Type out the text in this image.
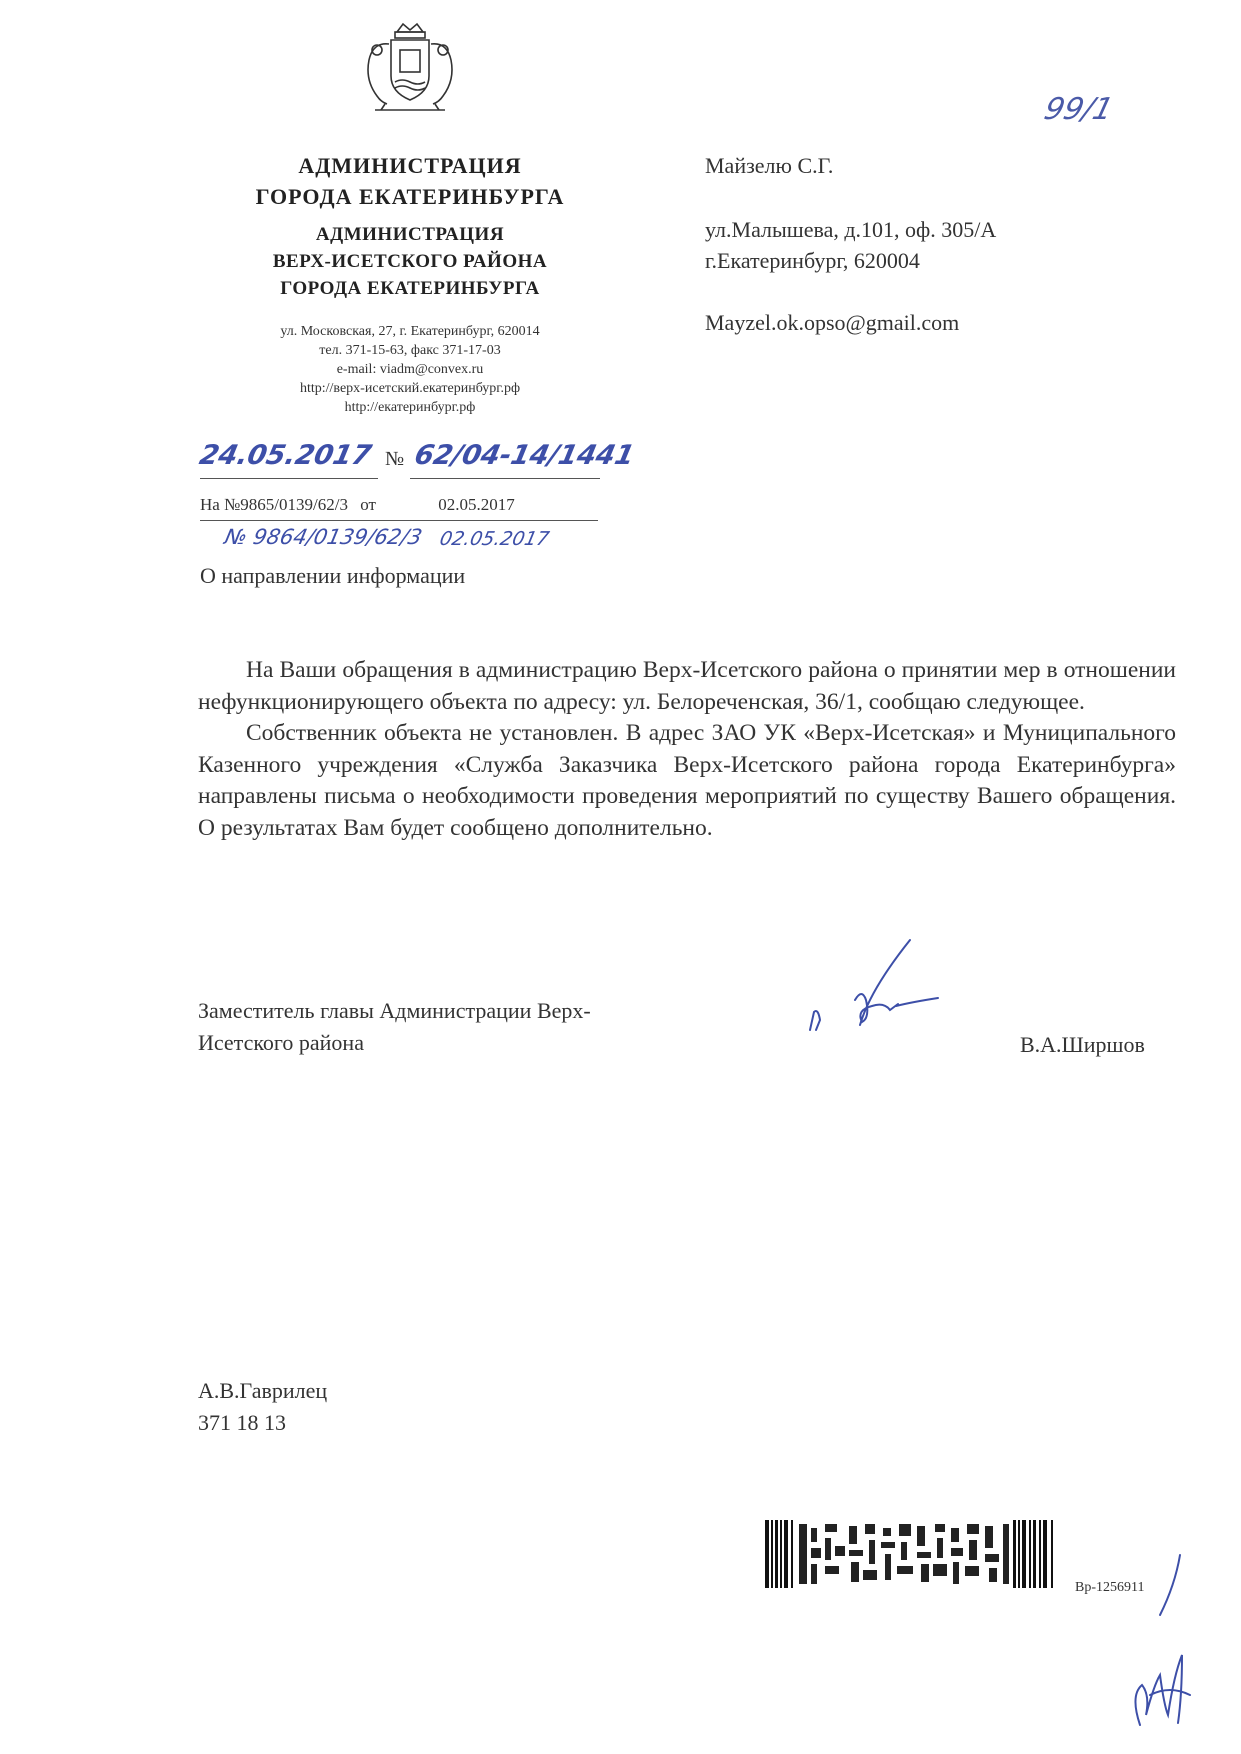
АДМИНИСТРАЦИЯ
ГОРОДА ЕКАТЕРИНБУРГА
АДМИНИСТРАЦИЯ
ВЕРХ-ИСЕТСКОГО РАЙОНА
ГОРОДА ЕКАТЕРИНБУРГА
ул. Московская, 27, г. Екатеринбург, 620014
тел. 371-15-63, факс 371-17-03
e-mail: viadm@convex.ru
http://верх-исетский.екатеринбург.рф
http://екатеринбург.рф
24.05.2017 № 62/04-14/1441
На №9865/0139/62/3 от	02.05.2017
№ 9864/0139/62/3 02.05.2017
99/1
Майзелю С.Г.
ул.Малышева, д.101, оф. 305/А
г.Екатеринбург, 620004
Mayzel.ok.opso@gmail.com
О направлении информации

На Ваши обращения в администрацию Верх-Исетского района о принятии мер в отношении нефункционирующего объекта по адресу: ул. Белореченская, 36/1, сообщаю следующее.

Собственник объекта не установлен. В адрес ЗАО УК «Верх-Исетская» и Муниципального Казенного учреждения «Служба Заказчика Верх-Исетского района города Екатеринбурга» направлены письма о необходимости проведения мероприятий по существу Вашего обращения. О результатах Вам будет сообщено дополнительно.

Заместитель главы Администрации Верх-
Исетского района	В.А.Ширшов
А.В.Гаврилец
371 18 13
Вр-1256911
